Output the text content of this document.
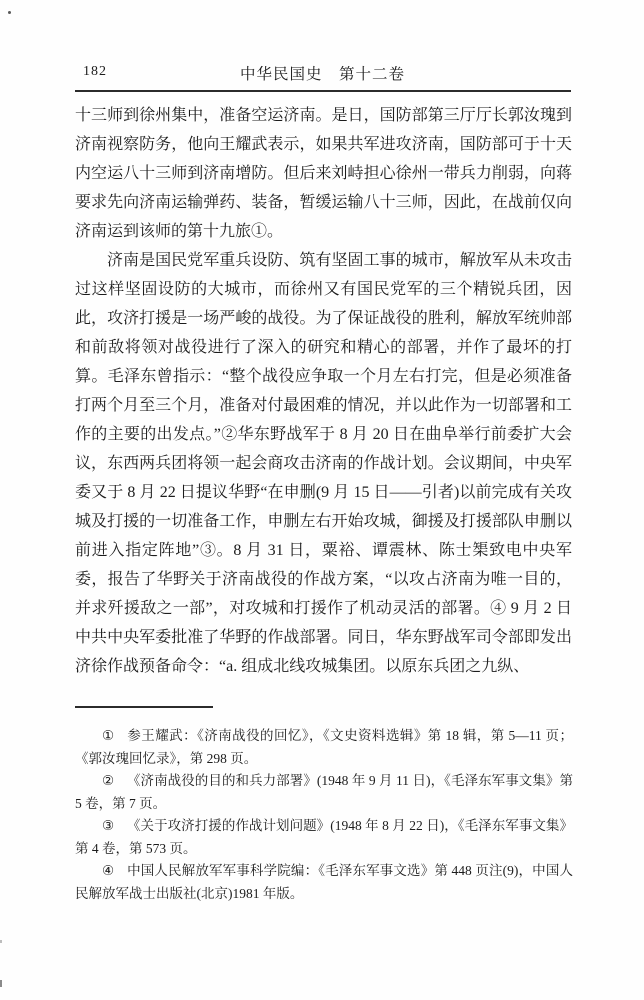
182	中华民国史　第十二卷

十三师到徐州集中，准备空运济南。是日，国防部第三厅厅长郭汝瑰到济南视察防务，他向王耀武表示，如果共军进攻济南，国防部可于十天内空运八十三师到济南增防。但后来刘峙担心徐州一带兵力削弱，向蒋要求先向济南运输弹药、装备，暂缓运输八十三师，因此，在战前仅向济南运到该师的第十九旅①。

济南是国民党军重兵设防、筑有坚固工事的城市，解放军从未攻击过这样坚固设防的大城市，而徐州又有国民党军的三个精锐兵团，因此，攻济打援是一场严峻的战役。为了保证战役的胜利，解放军统帅部和前敌将领对战役进行了深入的研究和精心的部署，并作了最坏的打算。毛泽东曾指示：“整个战役应争取一个月左右打完，但是必须准备打两个月至三个月，准备对付最困难的情况，并以此作为一切部署和工作的主要的出发点。”②华东野战军于 8 月 20 日在曲阜举行前委扩大会议，东西两兵团将领一起会商攻击济南的作战计划。会议期间，中央军委又于 8 月 22 日提议华野“在申删(9 月 15 日——引者)以前完成有关攻城及打援的一切准备工作，申删左右开始攻城，御援及打援部队申删以前进入指定阵地”③。8 月 31 日，粟裕、谭震林、陈士榘致电中央军委，报告了华野关于济南战役的作战方案，“以攻占济南为唯一目的，并求歼援敌之一部”，对攻城和打援作了机动灵活的部署。④ 9 月 2 日中共中央军委批准了华野的作战部署。同日，华东野战军司令部即发出济徐作战预备命令：“a. 组成北线攻城集团。以原东兵团之九纵、

① 参王耀武：《济南战役的回忆》，《文史资料选辑》第 18 辑，第 5—11 页；《郭汝瑰回忆录》，第 298 页。

② 《济南战役的目的和兵力部署》(1948 年 9 月 11 日)，《毛泽东军事文集》第 5 卷，第 7 页。

③ 《关于攻济打援的作战计划问题》(1948 年 8 月 22 日)，《毛泽东军事文集》第 4 卷，第 573 页。

④ 中国人民解放军军事科学院编：《毛泽东军事文选》第 448 页注(9)，中国人民解放军战士出版社(北京)1981 年版。
